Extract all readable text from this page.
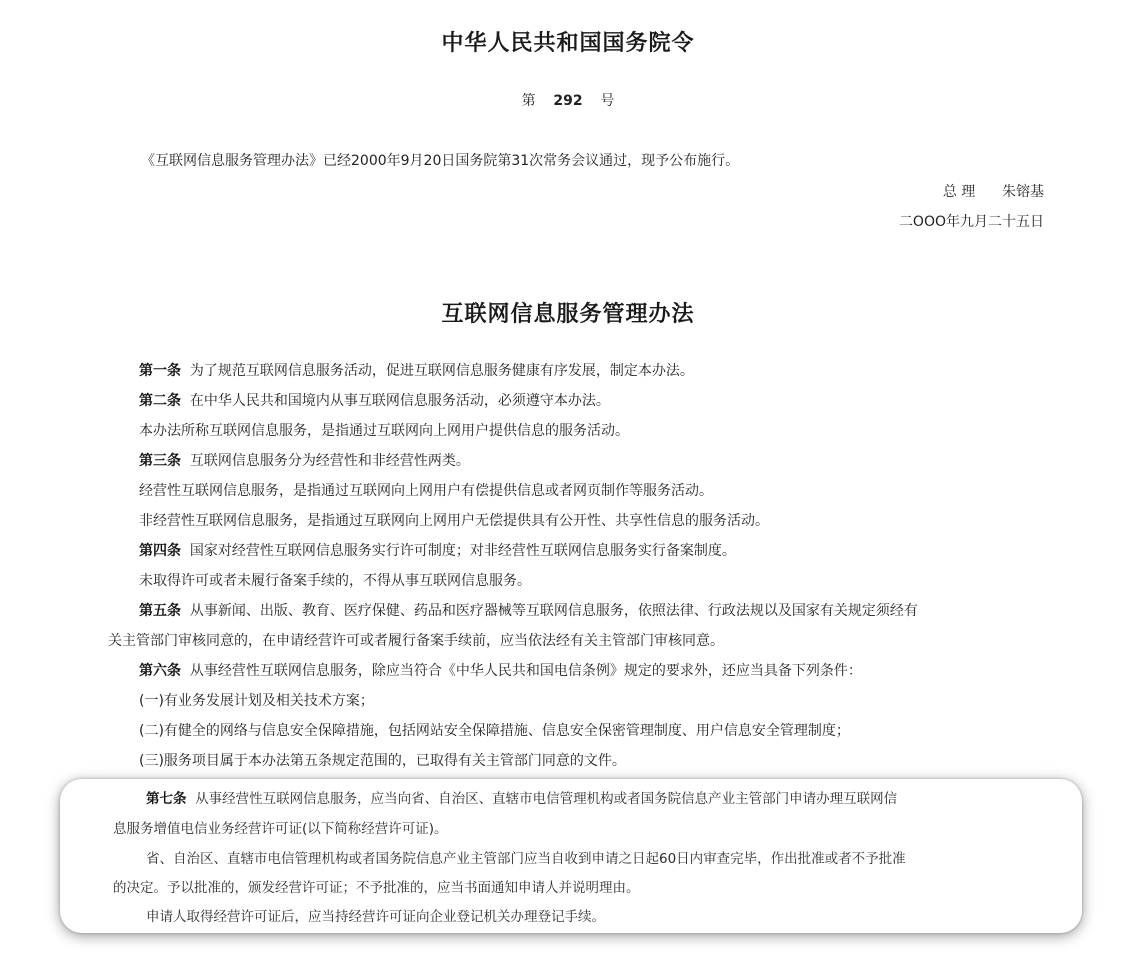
中华人民共和国国务院令
第 292 号
《互联网信息服务管理办法》已经2000年9月20日国务院第31次常务会议通过，现予公布施行。
总 理 朱镕基
二OOO年九月二十五日
互联网信息服务管理办法
第一条 为了规范互联网信息服务活动，促进互联网信息服务健康有序发展，制定本办法。
第二条 在中华人民共和国境内从事互联网信息服务活动，必须遵守本办法。
本办法所称互联网信息服务，是指通过互联网向上网用户提供信息的服务活动。
第三条 互联网信息服务分为经营性和非经营性两类。
经营性互联网信息服务，是指通过互联网向上网用户有偿提供信息或者网页制作等服务活动。
非经营性互联网信息服务，是指通过互联网向上网用户无偿提供具有公开性、共享性信息的服务活动。
第四条 国家对经营性互联网信息服务实行许可制度；对非经营性互联网信息服务实行备案制度。
未取得许可或者未履行备案手续的，不得从事互联网信息服务。
第五条 从事新闻、出版、教育、医疗保健、药品和医疗器械等互联网信息服务，依照法律、行政法规以及国家有关规定须经有
关主管部门审核同意的，在申请经营许可或者履行备案手续前，应当依法经有关主管部门审核同意。
第六条 从事经营性互联网信息服务，除应当符合《中华人民共和国电信条例》规定的要求外，还应当具备下列条件：
(一)有业务发展计划及相关技术方案；
(二)有健全的网络与信息安全保障措施，包括网站安全保障措施、信息安全保密管理制度、用户信息安全管理制度；
(三)服务项目属于本办法第五条规定范围的，已取得有关主管部门同意的文件。
第七条 从事经营性互联网信息服务，应当向省、自治区、直辖市电信管理机构或者国务院信息产业主管部门申请办理互联网信
息服务增值电信业务经营许可证(以下简称经营许可证)。
省、自治区、直辖市电信管理机构或者国务院信息产业主管部门应当自收到申请之日起60日内审查完毕，作出批准或者不予批准
的决定。予以批准的，颁发经营许可证；不予批准的，应当书面通知申请人并说明理由。
申请人取得经营许可证后，应当持经营许可证向企业登记机关办理登记手续。
